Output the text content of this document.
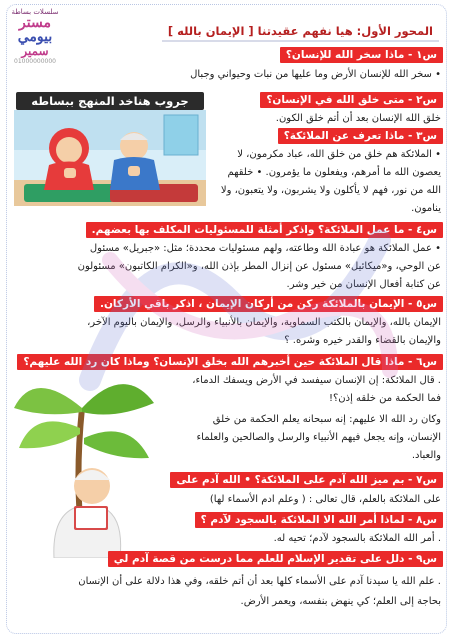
سلسلات بساطة
مستر
بيومي
سمير
01000000000
المحور الأول: هيا نفهم عقيدتنا [ الإيمان بالله ]
س١ - ماذا سخر الله للإنسان؟
• سخر الله للإنسان الأرض وما عليها من نبات وحيواني وجبال
جروب هناخد المنهج ببساطه	س٢ - متى خلق الله في الإنسان؟
خلق الله الإنسان بعد أن أتم خلق الكون.
س٣ - ماذا تعرف عن الملائكة؟
• الملائكة هم خلق من خلق الله، عباد مكرمون، لا
يعصون الله ما أمرهم، ويفعلون ما يؤمرون. • خلقهم
الله من نور، فهم لا يأكلون ولا يشربون، ولا يتعبون، ولا
ينامون.
س٤ - ما عمل الملائكة؟ واذكر أمثلة للمسئوليات المكلف بها بعضهم.
• عمل الملائكة هو عبادة الله وطاعته، ولهم مسئوليات محددة؛ مثل: «جبريل» مسئول
عن الوحي، و«ميكائيل» مسئول عن إنزال المطر بإذن الله، و«الكرام الكاتبون» مسئولون
عن كتابة أفعال الإنسان من خير وشر.
س٥ - الإيمان بالملائكة ركن من أركان الإيمان ، اذكر باقي الأركان.
الإيمان بالله، والإيمان بالكتب السماوية، والإيمان بالأنبياء والرسل، والإيمان باليوم الآخر،
والإيمان بالقضاء والقدر خيره وشره. ؟
س٦ - ماذا قال الملائكة حين أخبرهم الله بخلق الإنسان؟ وماذا كان رد الله عليهم؟
. قال الملائكة: إن الإنسان سيفسد في الأرض ويسفك الدماء،
فما الحكمة من خلقه إذن؟!
وكان رد الله الا عليهم: إنه سبحانه يعلم الحكمة من خلق
الإنسان، وإنه يجعل فيهم الأنبياء والرسل والصالحين والعلماء
والعباد.
س٧ - بم ميز الله آدم على الملائكة؟ • الله آدم على
على الملائكة بالعلم، قال تعالى : ( وعلم ادم الأسماء لها)
س٨ - لماذا أمر الله الا الملائكة بالسجود لآدم ؟
. أمر الله الملائكة بالسجود لآدم؛ تحيه له.
س٩ - دلل على تقدير الإسلام للعلم مما درست من قصة آدم لي
. علم الله يا سيدنا آدم على الأسماء كلها بعد أن أتم خلقه، وفي هذا دلالة على أن الإنسان
بحاجة إلى العلم؛ كي ينهض بنفسه، ويعمر الأرض.
